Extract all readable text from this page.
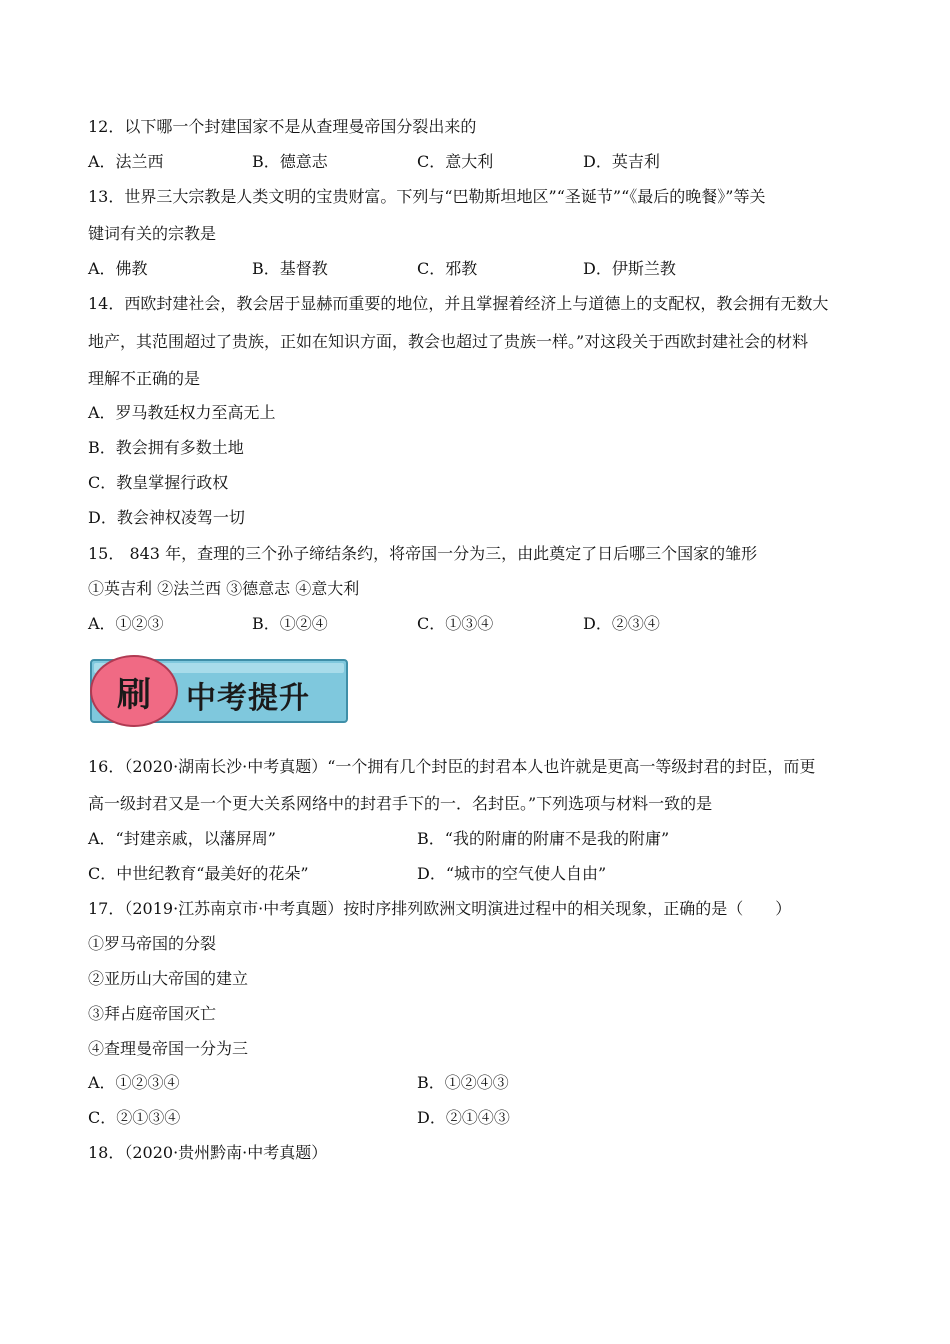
12．以下哪一个封建国家不是从查理曼帝国分裂出来的
A．法兰西	B．德意志	C．意大利	D．英吉利
13．世界三大宗教是人类文明的宝贵财富。下列与“巴勒斯坦地区”“圣诞节”“《最后的晚餐》”等关
键词有关的宗教是
A．佛教	B．基督教	C．邪教	D．伊斯兰教
14．西欧封建社会，教会居于显赫而重要的地位，并且掌握着经济上与道德上的支配权，教会拥有无数大
地产，其范围超过了贵族，正如在知识方面，教会也超过了贵族一样。”对这段关于西欧封建社会的材料
理解不正确的是
A．罗马教廷权力至高无上
B．教会拥有多数土地
C．教皇掌握行政权
D．教会神权凌驾一切
15． 843 年，查理的三个孙子缔结条约，将帝国一分为三，由此奠定了日后哪三个国家的雏形
①英吉利 ②法兰西 ③德意志 ④意大利
A．①②③	B．①②④	C．①③④	D．②③④
刷 中考提升
16．（2020·湖南长沙·中考真题）“一个拥有几个封臣的封君本人也许就是更高一等级封君的封臣，而更
高一级封君又是一个更大关系网络中的封君手下的一．名封臣。”下列选项与材料一致的是
A．“封建亲戚，以藩屏周”	B．“我的附庸的附庸不是我的附庸”
C．中世纪教育“最美好的花朵”	D．“城市的空气使人自由”
17．（2019·江苏南京市·中考真题）按时序排列欧洲文明演进过程中的相关现象，正确的是（　　）
①罗马帝国的分裂
②亚历山大帝国的建立
③拜占庭帝国灭亡
④查理曼帝国一分为三
A．①②③④	B．①②④③
C．②①③④	D．②①④③
18．（2020·贵州黔南·中考真题）
